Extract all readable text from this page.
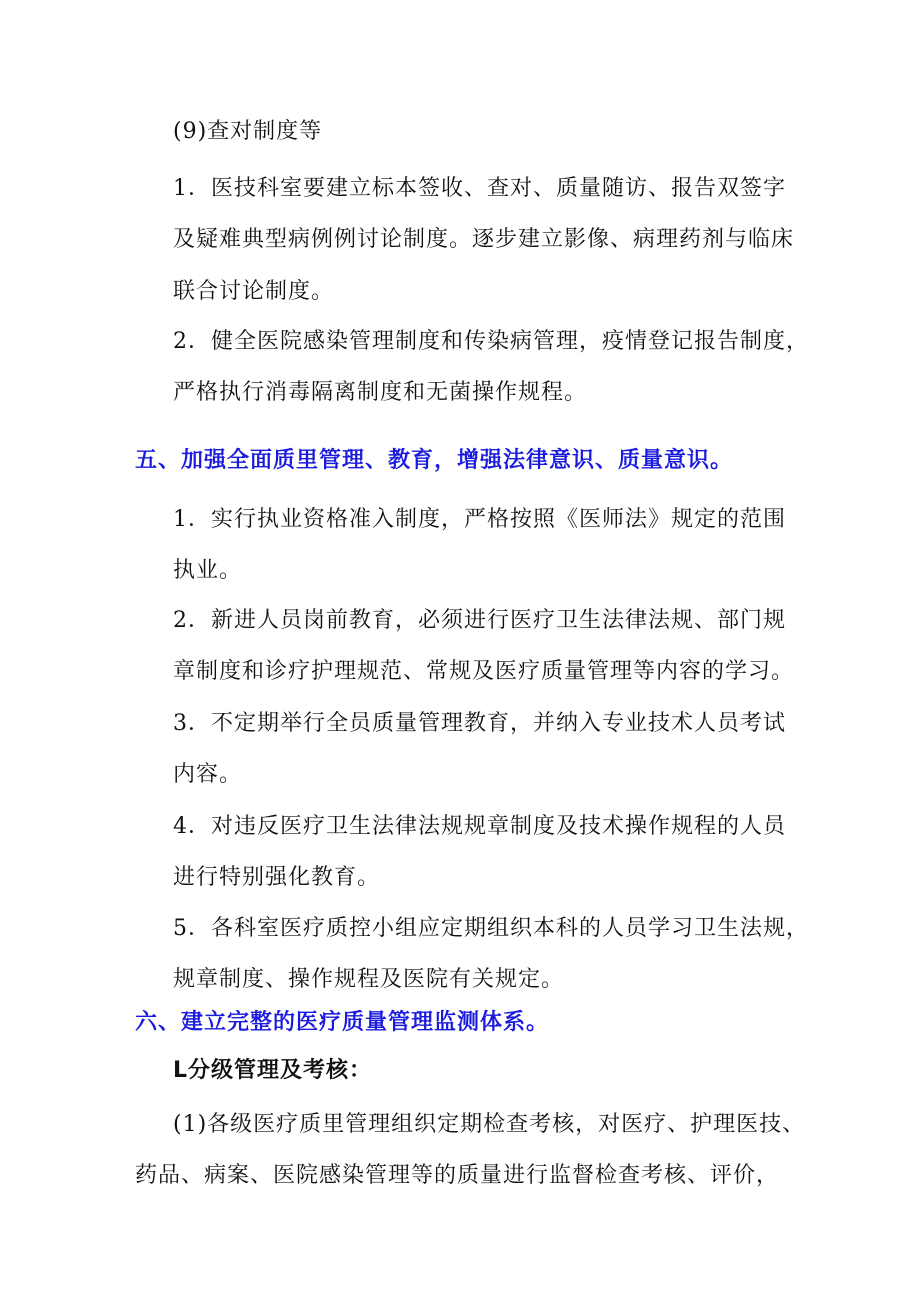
(9)查对制度等
1．医技科室要建立标本签收、查对、质量随访、报告双签字
及疑难典型病例例讨论制度。逐步建立影像、病理药剂与临床
联合讨论制度。
2．健全医院感染管理制度和传染病管理，疫情登记报告制度，
严格执行消毒隔离制度和无菌操作规程。
五、加强全面质里管理、教育，增强法律意识、质量意识。
1．实行执业资格准入制度，严格按照《医师法》规定的范围
执业。
2．新进人员岗前教育，必须进行医疗卫生法律法规、部门规
章制度和诊疗护理规范、常规及医疗质量管理等内容的学习。
3．不定期举行全员质量管理教育，并纳入专业技术人员考试
内容。
4．对违反医疗卫生法律法规规章制度及技术操作规程的人员
进行特别强化教育。
5．各科室医疗质控小组应定期组织本科的人员学习卫生法规，
规章制度、操作规程及医院有关规定。
六、建立完整的医疗质量管理监测体系。
L分级管理及考核：
(1)各级医疗质里管理组织定期检查考核，对医疗、护理医技、
药品、病案、医院感染管理等的质量进行监督检查考核、评价，
